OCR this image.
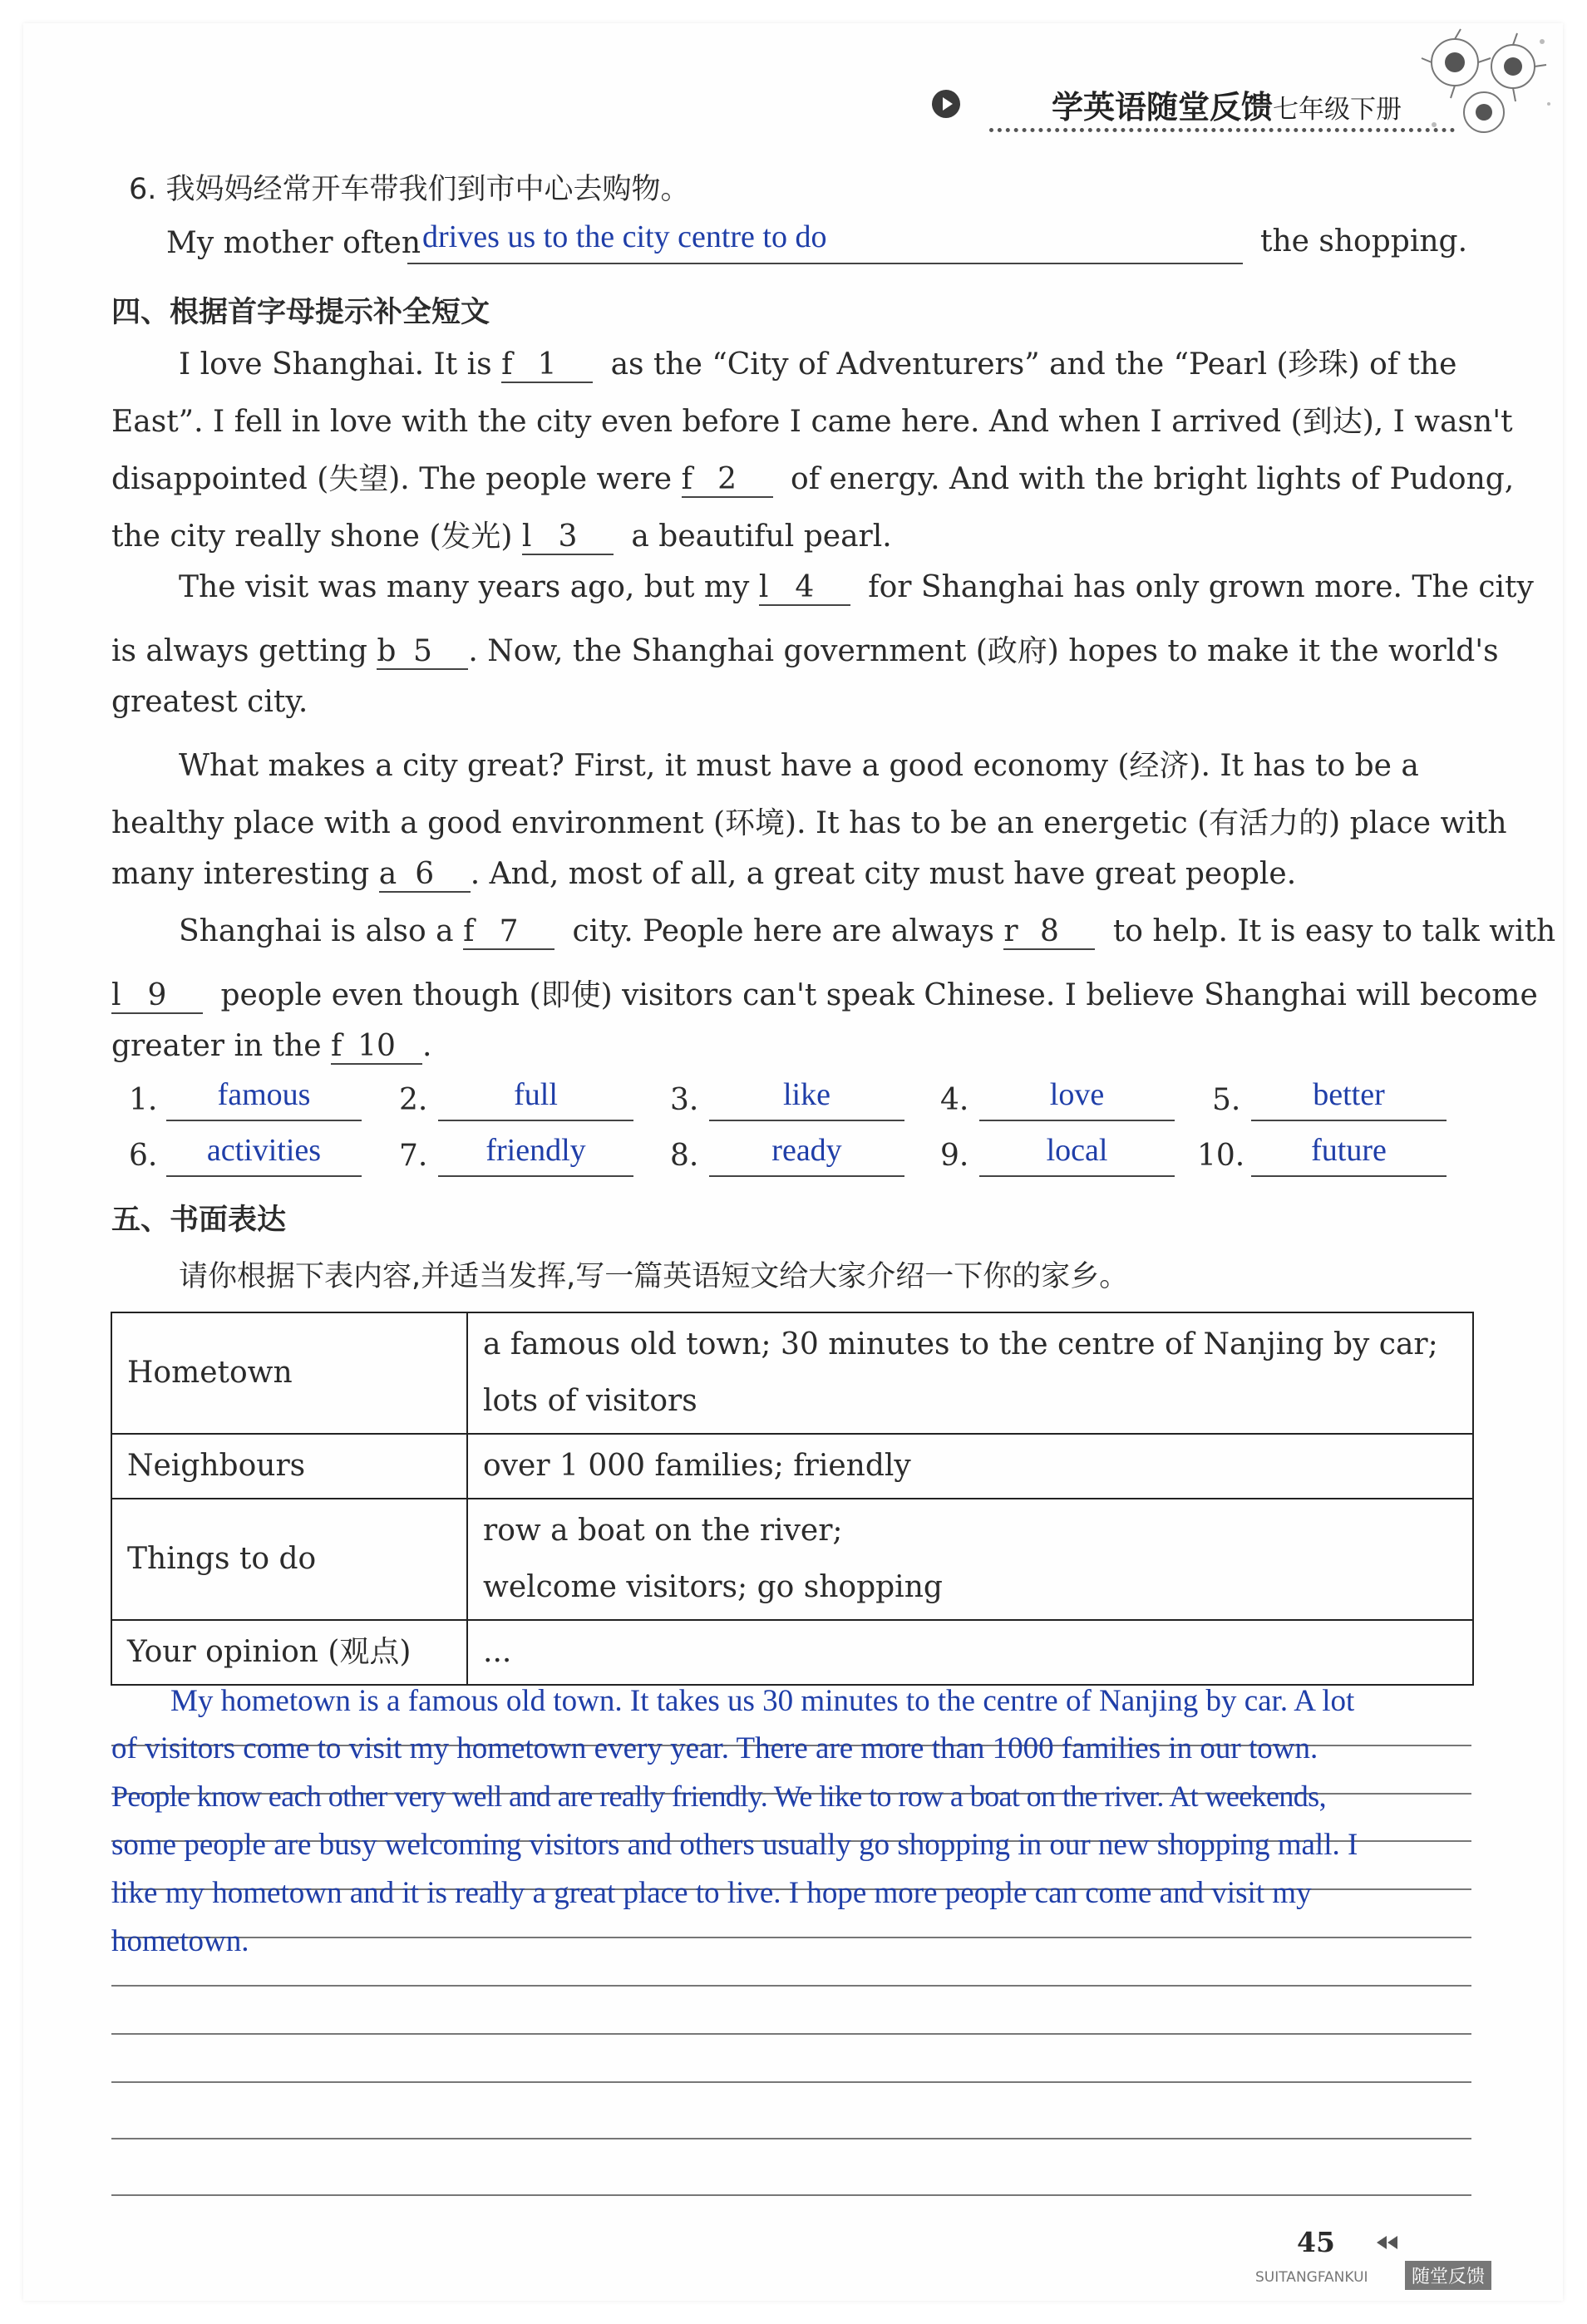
学英语随堂反馈七年级下册
6. 我妈妈经常开车带我们到市中心去购物。
My mother often drives us to the city centre to do	the shopping.
四、根据首字母提示补全短文
I love Shanghai. It is f 1 as the “City of Adventurers” and the “Pearl (珍珠) of the
East”. I fell in love with the city even before I came here. And when I arrived (到达), I wasn't
disappointed (失望). The people were f 2 of energy. And with the bright lights of Pudong,
the city really shone (发光) l 3 a beautiful pearl.
The visit was many years ago, but my l 4 for Shanghai has only grown more. The city
is always getting b 5 . Now, the Shanghai government (政府) hopes to make it the world's
greatest city.
What makes a city great? First, it must have a good economy (经济). It has to be a
healthy place with a good environment (环境). It has to be an energetic (有活力的) place with
many interesting a 6 . And, most of all, a great city must have great people.
Shanghai is also a f 7 city. People here are always r 8 to help. It is easy to talk with
l 9 people even though (即使) visitors can't speak Chinese. I believe Shanghai will become
greater in the f 10 .
1.	famous	2.	full	3.	like	4.	love	5.	better
6.	activities	7.	friendly	8.	ready	9.	local	10.	future
五、书面表达
请你根据下表内容,并适当发挥,写一篇英语短文给大家介绍一下你的家乡。
Hometown	a famous old town; 30 minutes to the centre of Nanjing by car;
lots of visitors

Neighbours	over 1 000 families; friendly

Things to do	row a boat on the river;
welcome visitors; go shopping

Your opinion (观点)	...
My hometown is a famous old town. It takes us 30 minutes to the centre of Nanjing by car. A lot
of visitors come to visit my hometown every year. There are more than 1000 families in our town.
People know each other very well and are really friendly. We like to row a boat on the river. At weekends,
some people are busy welcoming visitors and others usually go shopping in our new shopping mall. I
like my hometown and it is really a great place to live. I hope more people can come and visit my
hometown.
45
SUITANGFANKUI	随堂反馈
